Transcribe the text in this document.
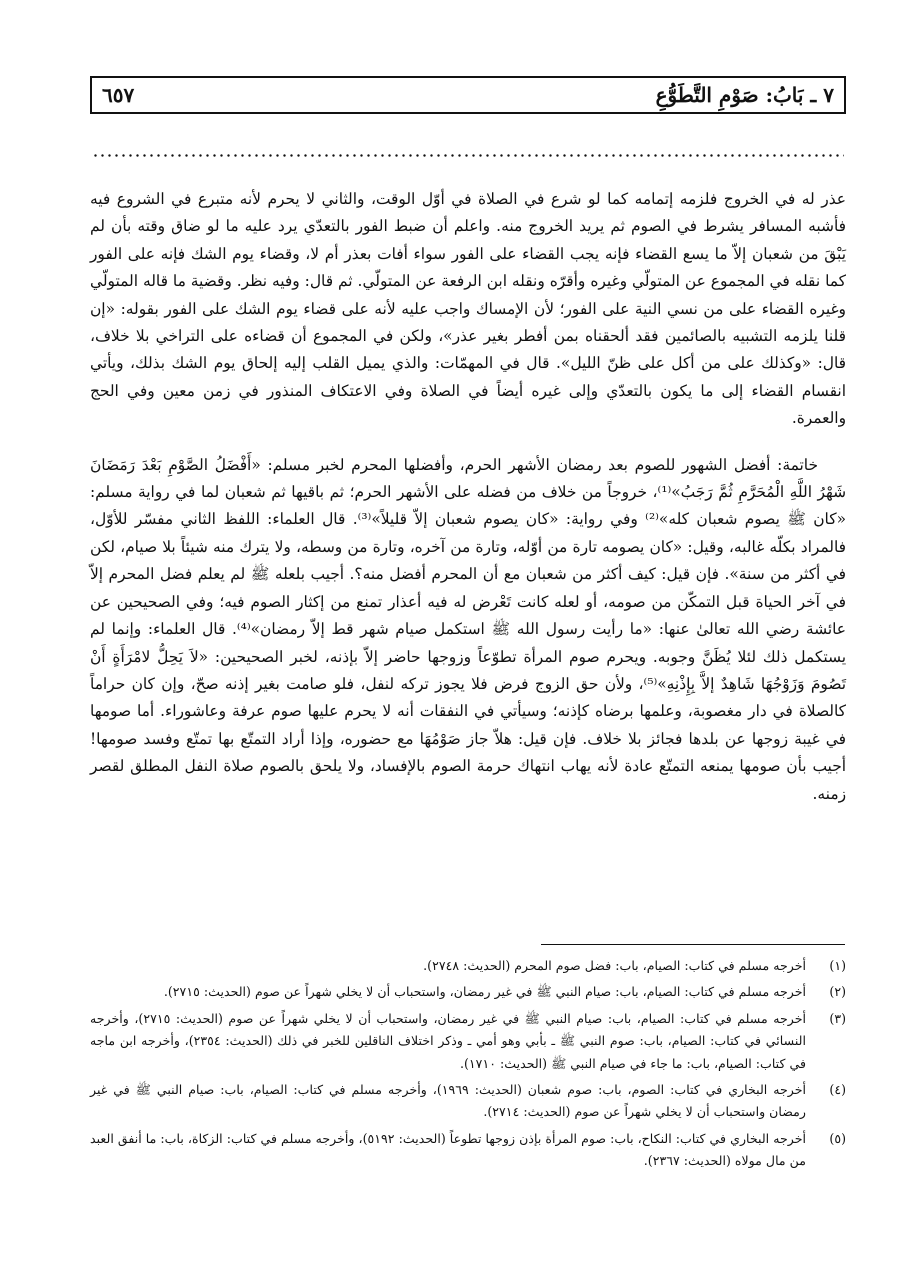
٧ ـ بَابُ: صَوْمِ التَّطَوُّعِ
٦٥٧

عذر له في الخروج فلزمه إتمامه كما لو شرع في الصلاة في أوّل الوقت، والثاني لا يحرم لأنه متبرع في الشروع فيه فأشبه المسافر يشرط في الصوم ثم يريد الخروج منه. واعلم أن ضبط الفور بالتعدّي يرد عليه ما لو ضاق وقته بأن لم يَبْقَ من شعبان إلاّ ما يسع القضاء فإنه يجب القضاء على الفور سواء أفات بعذر أم لا، وقضاء يوم الشك فإنه على الفور كما نقله في المجموع عن المتولّي وغيره وأقرّه ونقله ابن الرفعة عن المتولّي. ثم قال: وفيه نظر. وقضية ما قاله المتولّي وغيره القضاء على من نسي النية على الفور؛ لأن الإمساك واجب عليه لأنه على قضاء يوم الشك على الفور بقوله: «إن قلنا يلزمه التشبيه بالصائمين فقد ألحقناه بمن أفطر بغير عذر»، ولكن في المجموع أن قضاءه على التراخي بلا خلاف، قال: «وكذلك على من أكل على ظنّ الليل». قال في المهمّات: والذي يميل القلب إليه إلحاق يوم الشك بذلك، ويأتي انقسام القضاء إلى ما يكون بالتعدّي وإلى غيره أيضاً في الصلاة وفي الاعتكاف المنذور في زمن معين وفي الحج والعمرة.

خاتمة: أفضل الشهور للصوم بعد رمضان الأشهر الحرم، وأفضلها المحرم لخبر مسلم: «أَفْضَلُ الصَّوْمِ بَعْدَ رَمَضَانَ شَهْرُ اللَّهِ الْمُحَرَّمِ ثُمَّ رَجَبُ»⁽¹⁾، خروجاً من خلاف من فضله على الأشهر الحرم؛ ثم باقيها ثم شعبان لما في رواية مسلم: «كان ﷺ يصوم شعبان كله»⁽²⁾ وفي رواية: «كان يصوم شعبان إلاّ قليلاً»⁽³⁾. قال العلماء: اللفظ الثاني مفسّر للأوّل، فالمراد بكلّه غالبه، وقيل: «كان يصومه تارة من أوّله، وتارة من آخره، وتارة من وسطه، ولا يترك منه شيئاً بلا صيام، لكن في أكثر من سنة». فإن قيل: كيف أكثر من شعبان مع أن المحرم أفضل منه؟. أجيب بلعله ﷺ لم يعلم فضل المحرم إلاّ في آخر الحياة قبل التمكّن من صومه، أو لعله كانت تَعْرض له فيه أعذار تمنع من إكثار الصوم فيه؛ وفي الصحيحين عن عائشة رضي الله تعالىٰ عنها: «ما رأيت رسول الله ﷺ استكمل صيام شهر قط إلاّ رمضان»⁽⁴⁾. قال العلماء: وإنما لم يستكمل ذلك لئلا يُظَنَّ وجوبه. ويحرم صوم المرأة تطوّعاً وزوجها حاضر إلاّ بإذنه، لخبر الصحيحين: «لاَ يَحِلُّ لامْرَأَةٍ أَنْ تَصُومَ وَزَوْجُهَا شَاهِدٌ إلاَّ بِإِذْنِهِ»⁽⁵⁾، ولأن حق الزوج فرض فلا يجوز تركه لنفل، فلو صامت بغير إذنه صحّ، وإن كان حراماً كالصلاة في دار مغصوبة، وعلمها برضاه كإذنه؛ وسيأتي في النفقات أنه لا يحرم عليها صوم عرفة وعاشوراء. أما صومها في غيبة زوجها عن بلدها فجائز بلا خلاف. فإن قيل: هلاّ جاز صَوْمُهَا مع حضوره، وإذا أراد التمتّع بها تمتّع وفسد صومها! أجيب بأن صومها يمنعه التمتّع عادة لأنه يهاب انتهاك حرمة الصوم بالإفساد، ولا يلحق بالصوم صلاة النفل المطلق لقصر زمنه.

(١)
أخرجه مسلم في كتاب: الصيام، باب: فضل صوم المحرم (الحديث: ٢٧٤٨).
(٢)
أخرجه مسلم في كتاب: الصيام، باب: صيام النبي ﷺ في غير رمضان، واستحباب أن لا يخلي شهراً عن صوم (الحديث: ٢٧١٥).
(٣)
أخرجه مسلم في كتاب: الصيام، باب: صيام النبي ﷺ في غير رمضان، واستحباب أن لا يخلي شهراً عن صوم (الحديث: ٢٧١٥)، وأخرجه النسائي في كتاب: الصيام، باب: صوم النبي ﷺ ـ بأبي وهو أمي ـ وذكر اختلاف الناقلين للخبر في ذلك (الحديث: ٢٣٥٤)، وأخرجه ابن ماجه في كتاب: الصيام، باب: ما جاء في صيام النبي ﷺ (الحديث: ١٧١٠).
(٤)
أخرجه البخاري في كتاب: الصوم، باب: صوم شعبان (الحديث: ١٩٦٩)، وأخرجه مسلم في كتاب: الصيام، باب: صيام النبي ﷺ في غير رمضان واستحباب أن لا يخلي شهراً عن صوم (الحديث: ٢٧١٤).
(٥)
أخرجه البخاري في كتاب: النكاح، باب: صوم المرأة بإذن زوجها تطوعاً (الحديث: ٥١٩٢)، وأخرجه مسلم في كتاب: الزكاة، باب: ما أنفق العبد من مال مولاه (الحديث: ٢٣٦٧).
